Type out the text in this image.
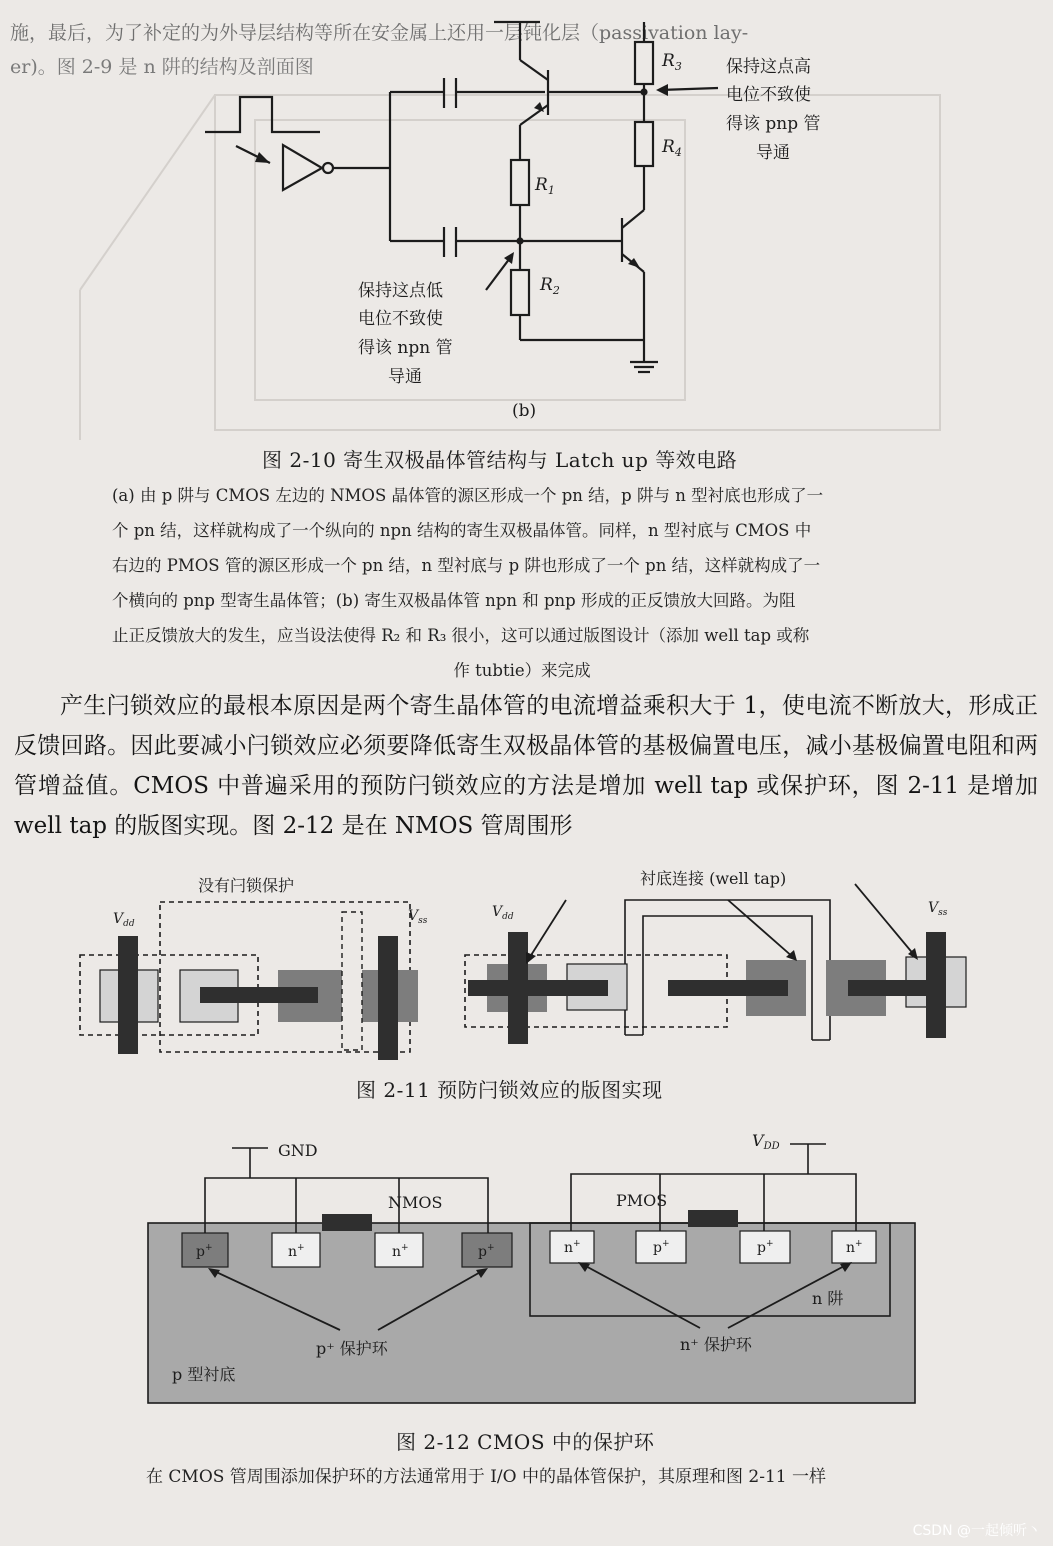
施，最后，为了补定的为外导层结构等所在安金属上还用一层钝化层（passivation lay-
er)。图 2-9 是 n 阱的结构及剖面图	$R_3$
$R_4$
$R_1$
$R_2$
保持这点高
电位不致使
得该 pnp 管
导通
保持这点低
电位不致使
得该 npn 管
导通
(b)
图 2-10 寄生双极晶体管结构与 Latch up 等效电路

(a) 由 p 阱与 CMOS 左边的 NMOS 晶体管的源区形成一个 pn 结，p 阱与 n 型衬底也形成了一

个 pn 结，这样就构成了一个纵向的 npn 结构的寄生双极晶体管。同样，n 型衬底与 CMOS 中

右边的 PMOS 管的源区形成一个 pn 结，n 型衬底与 p 阱也形成了一个 pn 结，这样就构成了一

个横向的 pnp 型寄生晶体管；(b) 寄生双极晶体管 npn 和 pnp 形成的正反馈放大回路。为阻

止正反馈放大的发生，应当设法使得 R₂ 和 R₃ 很小，这可以通过版图设计（添加 well tap 或称

作 tubtie）来完成

产生闩锁效应的最根本原因是两个寄生晶体管的电流增益乘积大于 1，使电流不断放大，形成正反馈回路。因此要减小闩锁效应必须要降低寄生双极晶体管的基极偏置电压，减小基极偏置电阻和两管增益值。CMOS 中普遍采用的预防闩锁效应的方法是增加 well tap 或保护环，图 2-11 是增加 well tap 的版图实现。图 2-12 是在 NMOS 管周围形

没有闩锁保护	衬底连接 (well tap)
$V_{dd}$	$V_{ss}$
$V_{dd}$
$V_{ss}$
图 2-11 预防闩锁效应的版图实现
GND
NMOS	PMOS
n 阱
p⁺ 保护环	n⁺ 保护环
p 型衬底
VDD
p+	n+	n+	p+	n+	p+	p+	n+
图 2-12 CMOS 中的保护环
在 CMOS 管周围添加保护环的方法通常用于 I/O 中的晶体管保护，其原理和图 2-11 一样
CSDN @一起倾听丶
